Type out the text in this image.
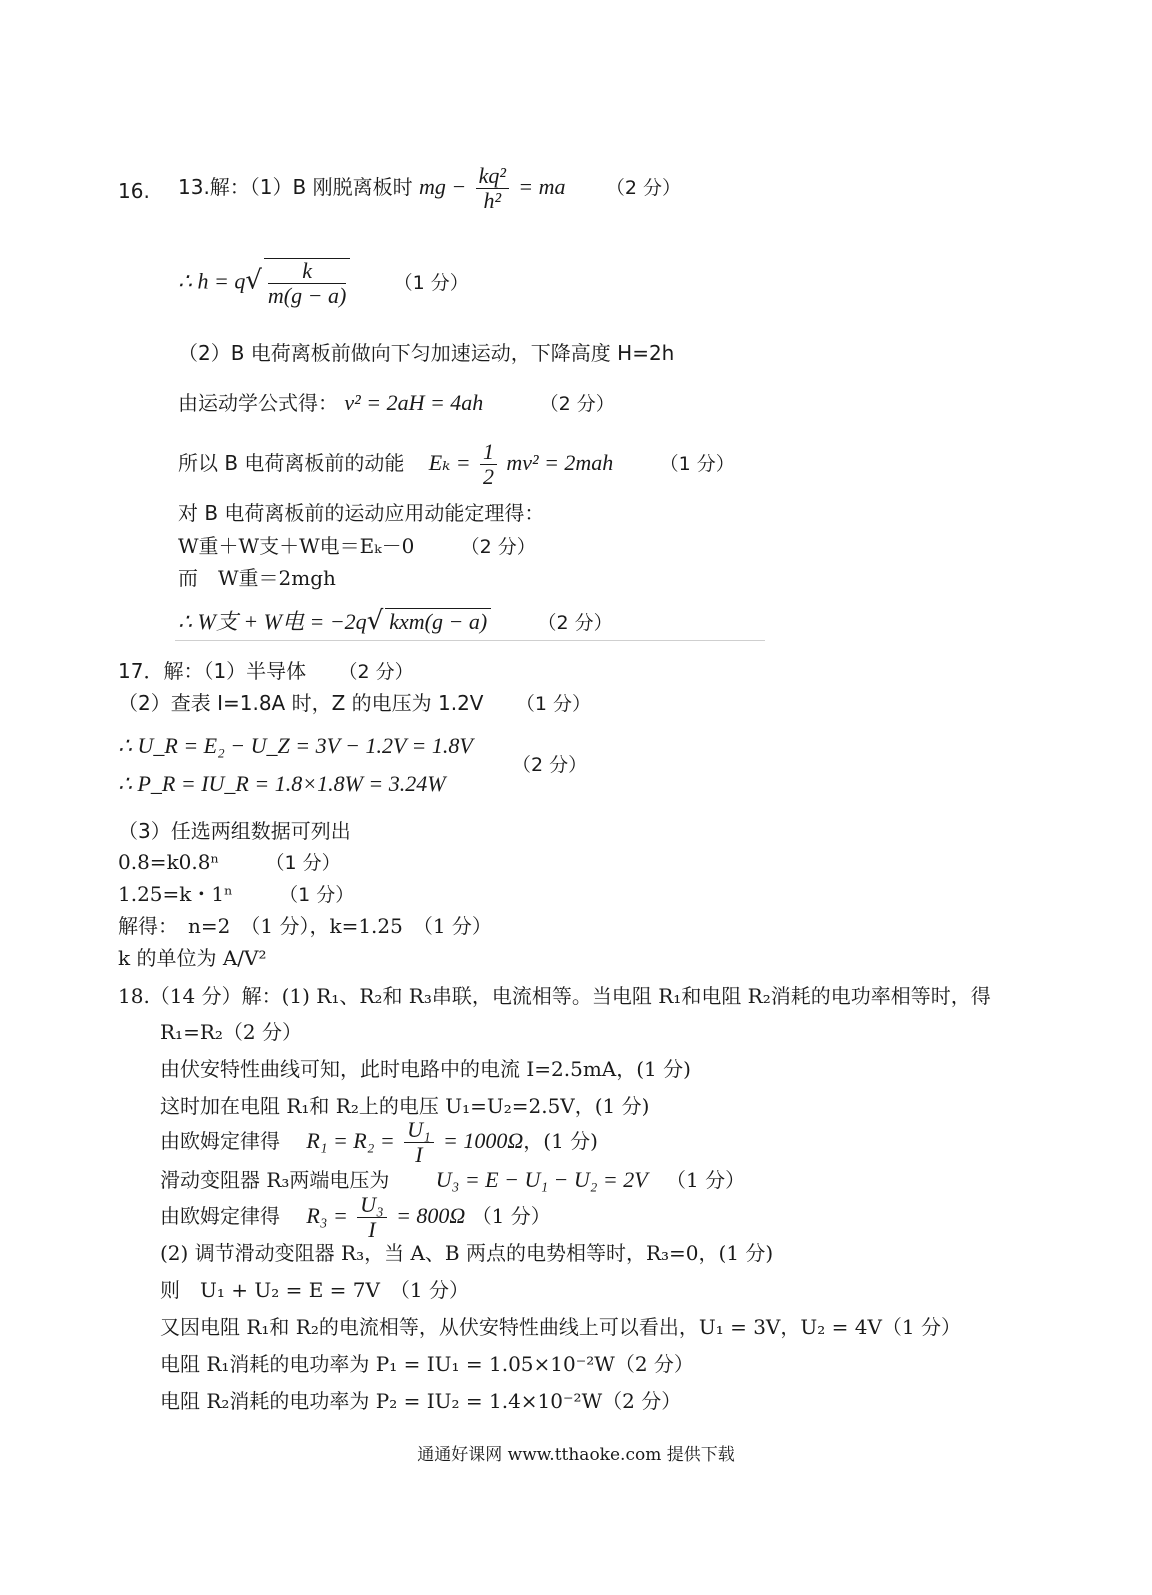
16. 13.解：（1）B 刚脱离板时 mg − $\frac{\text{kq²}}{\text{h²}}$ = ma （2 分）
∴ $h = q√ \frac{k}{m(g - a)} (1$ 分）
（2）B 电荷离板前做向下匀加速运动，下降高度 H=2h
由运动学公式得： v² = 2aH = 4ah	（2 分）
所以 B 电荷离板前的动能 $E_k = \frac{1}{2} mv^2 = 2mah$ （1 分）
对 B 电荷离板前的运动应用动能定理得：
W重＋W支＋W电＝Eₖ－0 （2 分）
而　W重＝2mgh
∴ W支 + W电 = −2q√ kxm(g − a)	（2 分）
17．解：（1）半导体 （2 分）
（2）查表 I=1.8A 时，Z 的电压为 1.2V （1 分）
∴ U_R = E₂ − U_Z = 3V − 1.2V = 1.8V
∴ P_R = IU_R = 1.8×1.8W = 3.24W
（2 分）
（3）任选两组数据可列出
0.8=k0.8ⁿ （1 分）
1.25=k・1ⁿ （1 分）
解得：　n=2　（1 分），k=1.25　（1 分）
k 的单位为 A/V²
18.（14 分）解：(1) R₁、R₂和 R₃串联，电流相等。当电阻 R₁和电阻 R₂消耗的电功率相等时，得
R₁=R₂（2 分）
由伏安特性曲线可知，此时电路中的电流 I=2.5mA，(1 分)
这时加在电阻 R₁和 R₂上的电压 U₁=U₂=2.5V，(1 分)
由欧姆定律得 $R_1 = R_2 = \frac{\text{U₁}}{I} = 1000\Omega$，(1 分)
滑动变阻器 R₃两端电压为 U₃ = E − U₁ − U₂ = 2V （1 分）
由欧姆定律得 $R_3 = \frac{\text{U₃}}{I} = 800\Omega$ （1 分）
(2) 调节滑动变阻器 R₃，当 A、B 两点的电势相等时，R₃=0，(1 分)
则　U₁ + U₂ = E = 7V　（1 分）
又因电阻 R₁和 R₂的电流相等，从伏安特性曲线上可以看出，U₁ = 3V，U₂ = 4V（1 分）
电阻 R₁消耗的电功率为 P₁ = IU₁ = 1.05×10⁻²W（2 分）
电阻 R₂消耗的电功率为 P₂ = IU₂ = 1.4×10⁻²W（2 分）
通通好课网 www.tthaoke.com 提供下载
